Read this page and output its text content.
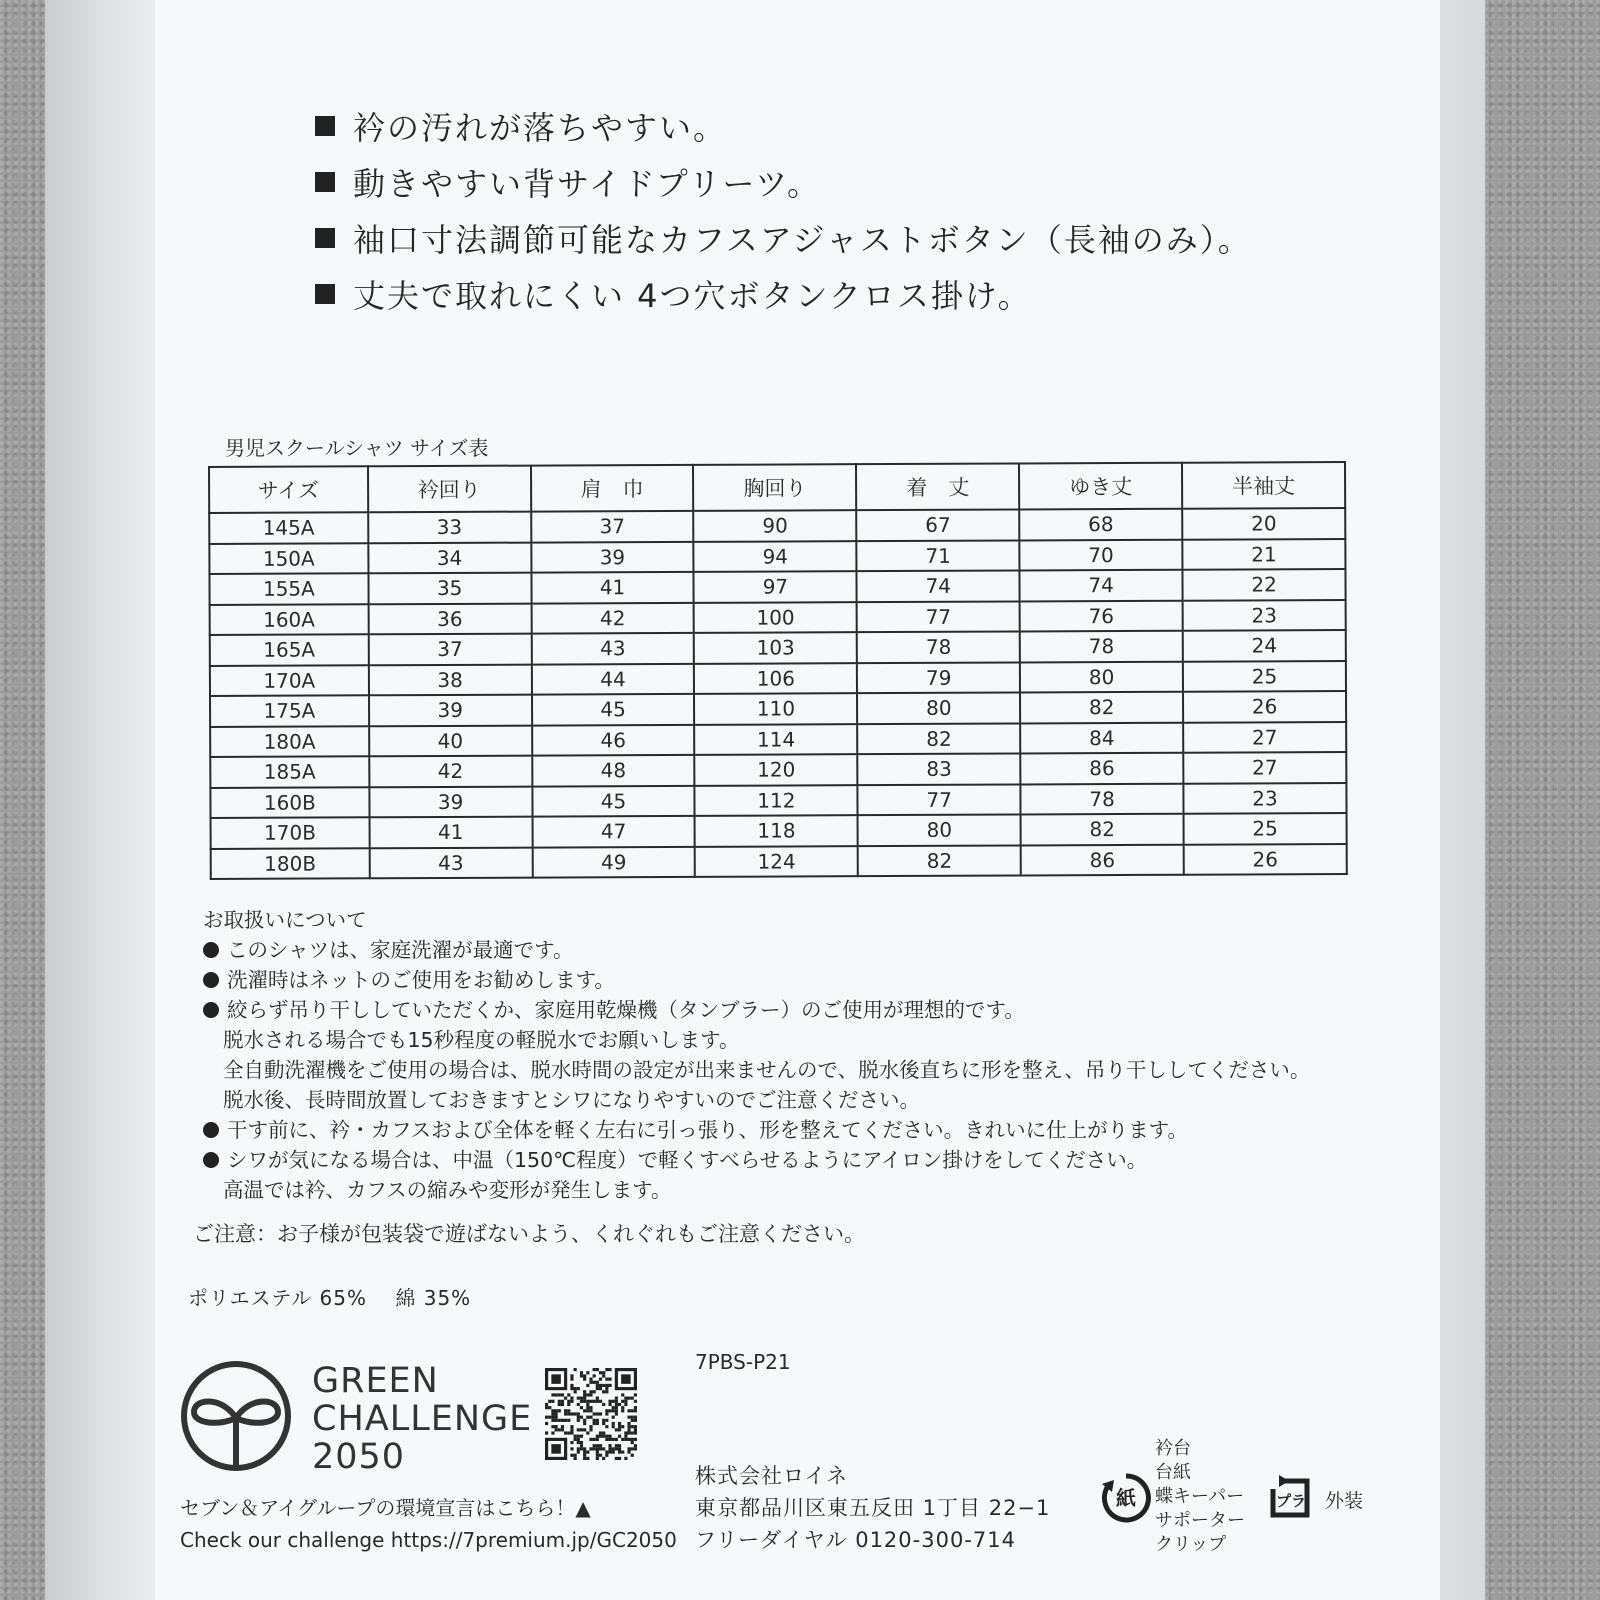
衿の汚れが落ちやすい。
動きやすい背サイドプリーツ。
袖口寸法調節可能なカフスアジャストボタン（長袖のみ）。
丈夫で取れにくい 4つ穴ボタンクロス掛け。
男児スクールシャツ サイズ表
サイズ	衿回り	肩　巾	胸回り	着　丈	ゆき丈	半袖丈
145A	33	37	90	67	68	20
150A	34	39	94	71	70	21
155A	35	41	97	74	74	22
160A	36	42	100	77	76	23
165A	37	43	103	78	78	24
170A	38	44	106	79	80	25
175A	39	45	110	80	82	26
180A	40	46	114	82	84	27
185A	42	48	120	83	86	27
160B	39	45	112	77	78	23
170B	41	47	118	80	82	25
180B	43	49	124	82	86	26
お取扱いについて
このシャツは、家庭洗濯が最適です。
洗濯時はネットのご使用をお勧めします。
絞らず吊り干ししていただくか、家庭用乾燥機（タンブラー）のご使用が理想的です。
脱水される場合でも15秒程度の軽脱水でお願いします。
全自動洗濯機をご使用の場合は、脱水時間の設定が出来ませんので、脱水後直ちに形を整え、吊り干ししてください。
脱水後、長時間放置しておきますとシワになりやすいのでご注意ください。
干す前に、衿・カフスおよび全体を軽く左右に引っ張り、形を整えてください。きれいに仕上がります。
シワが気になる場合は、中温（150℃程度）で軽くすべらせるようにアイロン掛けをしてください。
高温では衿、カフスの縮みや変形が発生します。
ご注意：お子様が包装袋で遊ばないよう、くれぐれもご注意ください。
ポリエステル 65%　 綿 35%
GREEN
CHALLENGE
2050
7PBS-P21
セブン＆アイグループの環境宣言はこちら！▲
Check our challenge https://7premium.jp/GC2050
株式会社ロイネ
東京都品川区東五反田 1丁目 22−1
フリーダイヤル 0120-300-714
紙
衿台
台紙
蝶キーパー
サポーター
クリップ
プラ 外装
